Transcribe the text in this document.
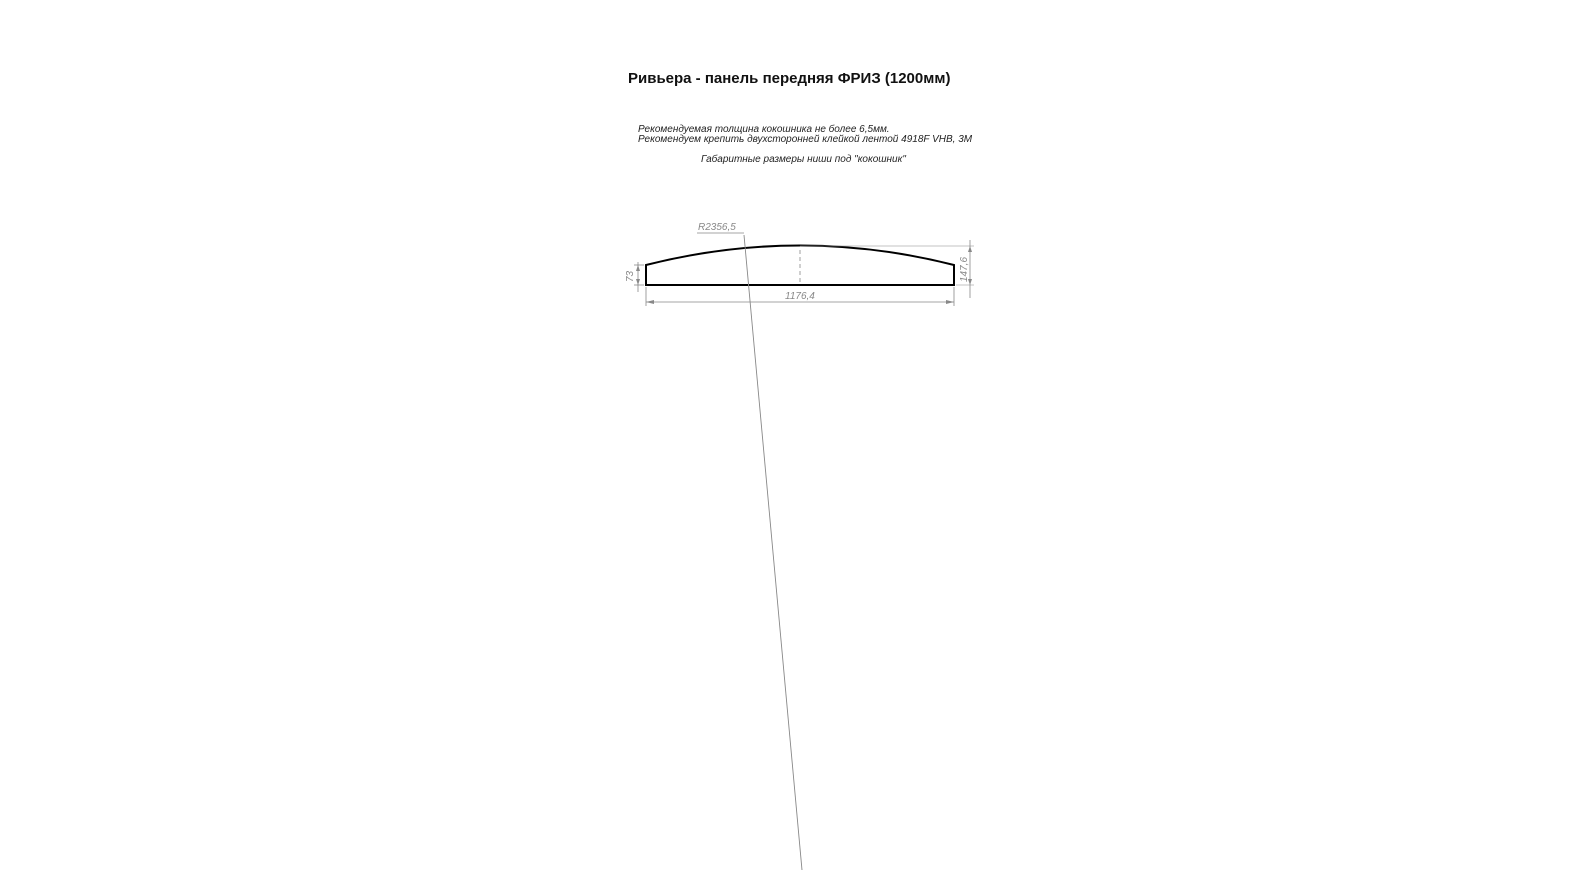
Ривьера - панель передняя ФРИЗ (1200мм)
Рекомендуемая толщина кокошника не более 6,5мм.
Рекомендуем крепить двухсторонней клейкой лентой 4918F VHB, 3M
Габаритные размеры ниши под "кокошник"
R2356,5
1176,4
73	147,6
